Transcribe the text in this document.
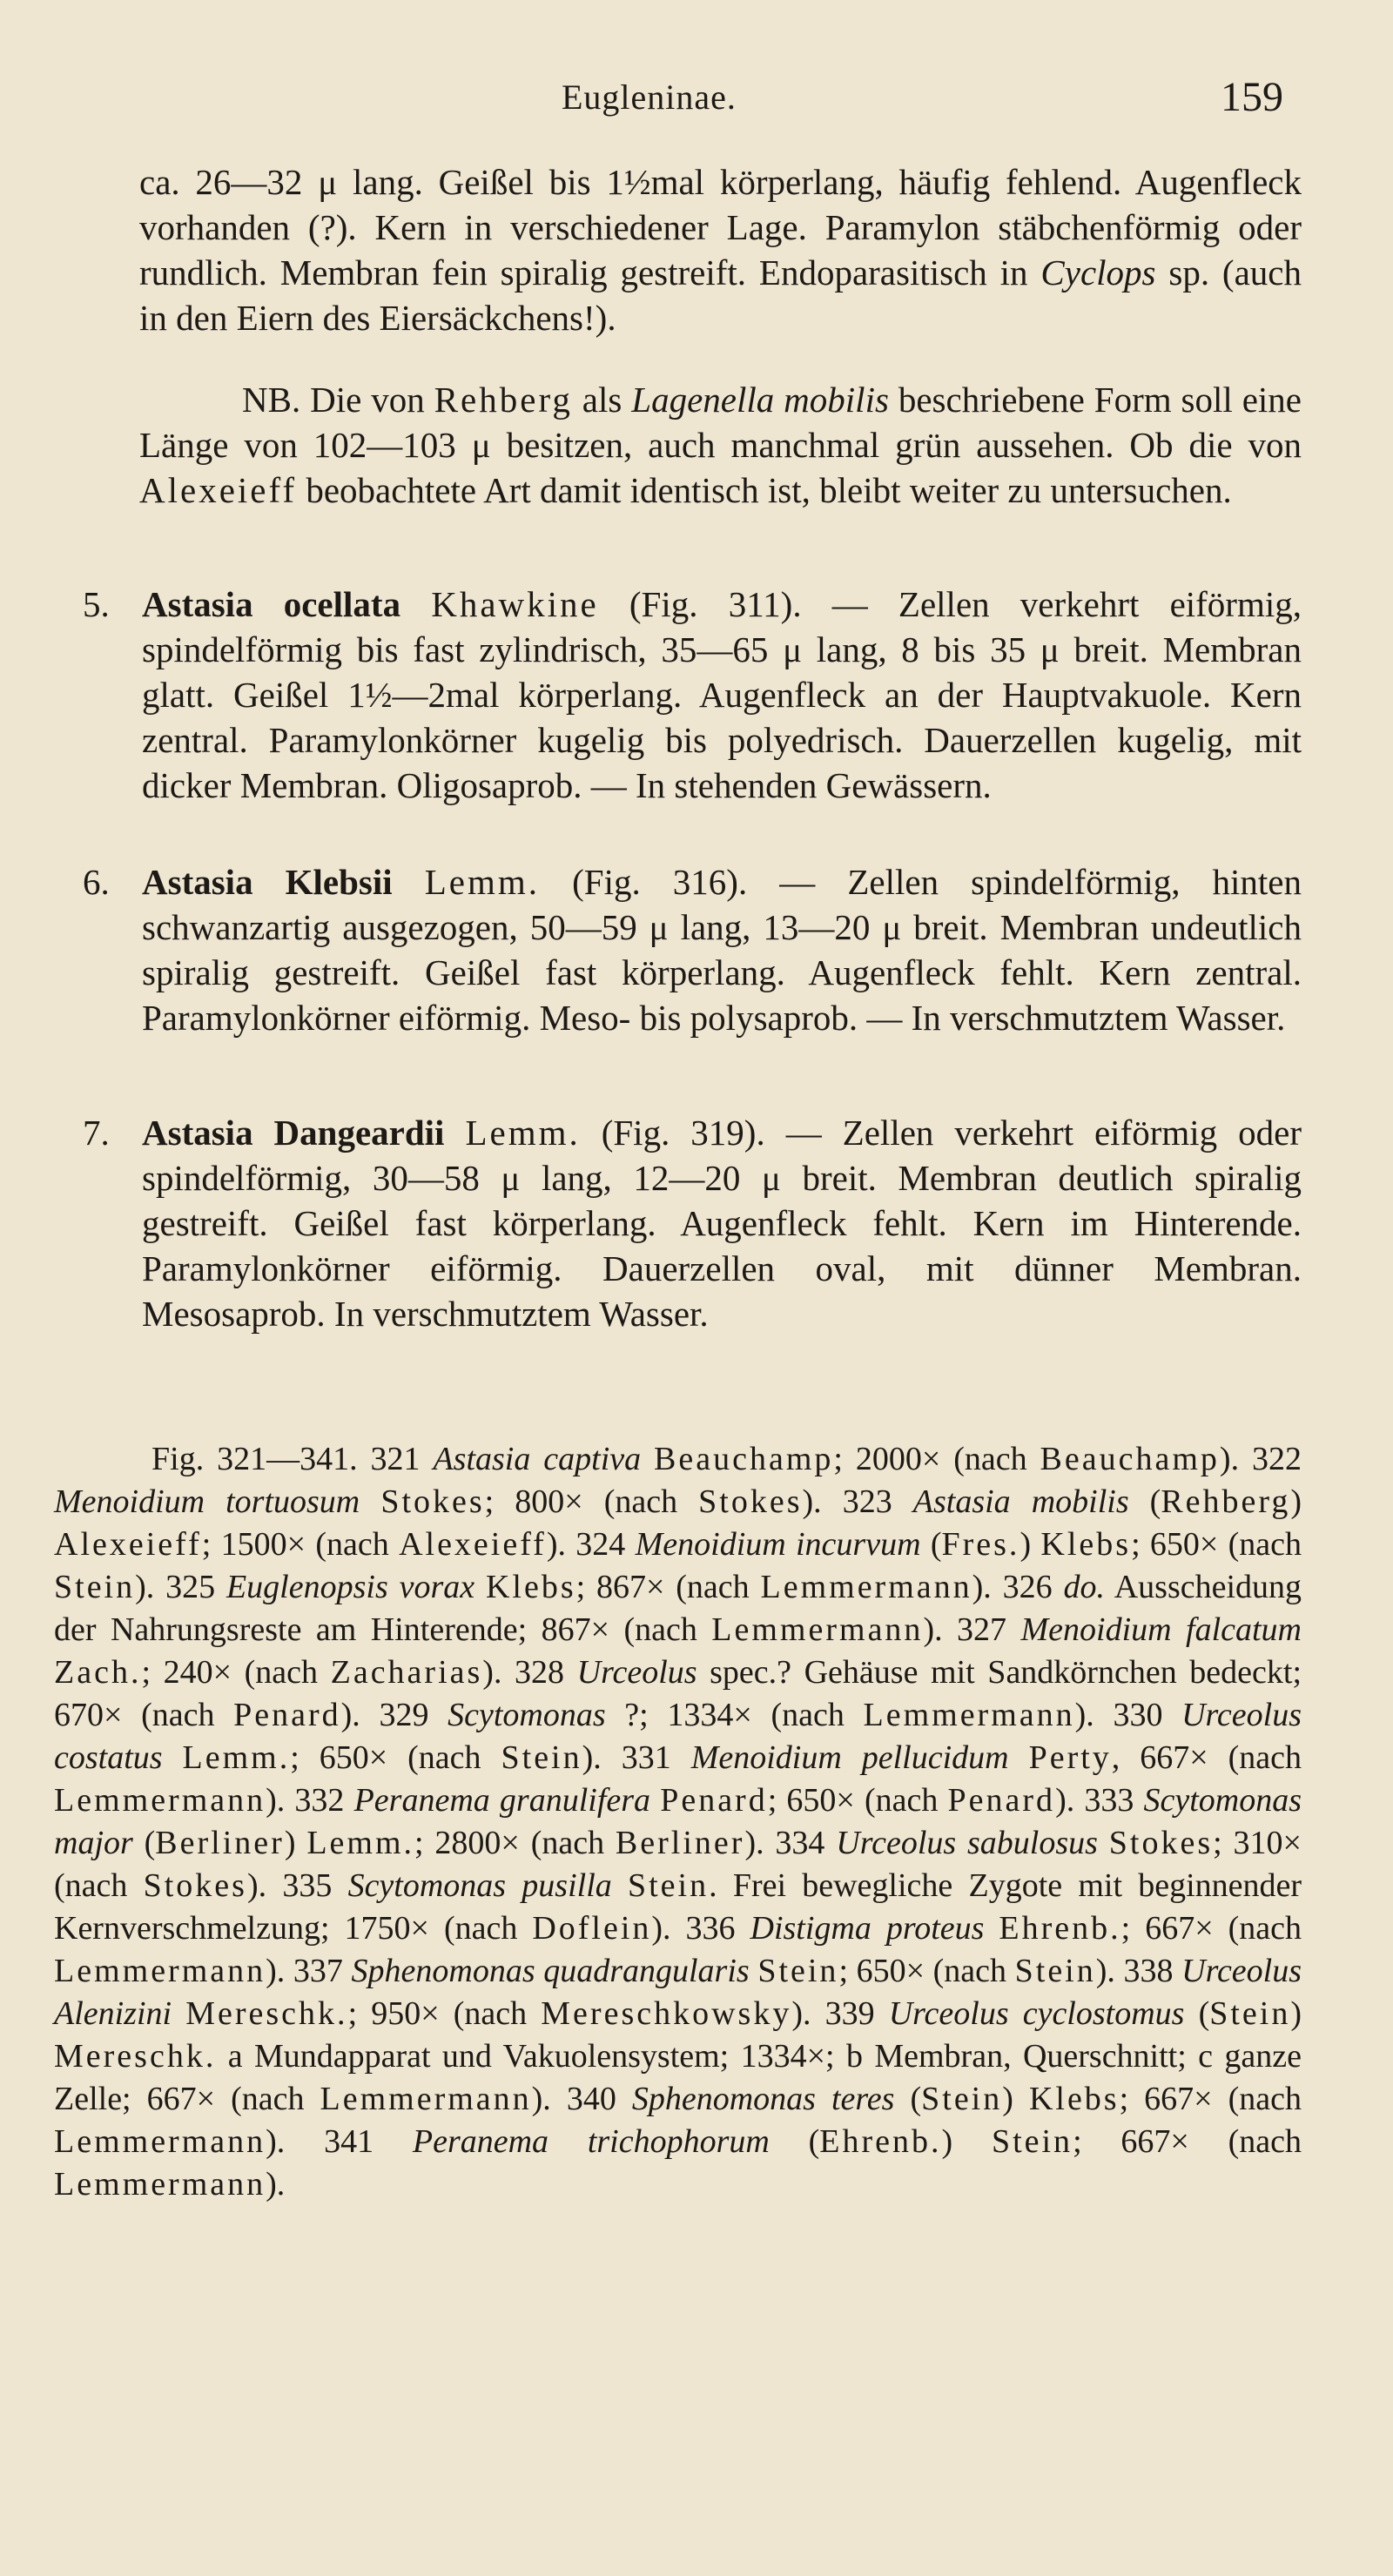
Eugleninae.	159

ca. 26—32 μ lang. Geißel bis 1½mal körperlang, häufig fehlend. Augenfleck vorhanden (?). Kern in verschiedener Lage. Paramylon stäbchenförmig oder rundlich. Membran fein spiralig gestreift. Endoparasitisch in Cyclops sp. (auch in den Eiern des Eiersäckchens!).

NB. Die von Rehberg als Lagenella mobilis beschriebene Form soll eine Länge von 102—103 μ besitzen, auch manchmal grün aussehen. Ob die von Alexeieff beobachtete Art damit identisch ist, bleibt weiter zu untersuchen.

5. Astasia ocellata Khawkine (Fig. 311). — Zellen verkehrt eiförmig, spindelförmig bis fast zylindrisch, 35—65 μ lang, 8 bis 35 μ breit. Membran glatt. Geißel 1½—2mal körperlang. Augenfleck an der Hauptvakuole. Kern zentral. Paramylonkörner kugelig bis polyedrisch. Dauerzellen kugelig, mit dicker Membran. Oligosaprob. — In stehenden Gewässern.
6. Astasia Klebsii Lemm. (Fig. 316). — Zellen spindelförmig, hinten schwanzartig ausgezogen, 50—59 μ lang, 13—20 μ breit. Membran undeutlich spiralig gestreift. Geißel fast körperlang. Augenfleck fehlt. Kern zentral. Paramylonkörner eiförmig. Meso- bis polysaprob. — In verschmutztem Wasser.
7. Astasia Dangeardii Lemm. (Fig. 319). — Zellen verkehrt eiförmig oder spindelförmig, 30—58 μ lang, 12—20 μ breit. Membran deutlich spiralig gestreift. Geißel fast körperlang. Augenfleck fehlt. Kern im Hinterende. Paramylonkörner eiförmig. Dauerzellen oval, mit dünner Membran. Mesosaprob. In verschmutztem Wasser.

Fig. 321—341. 321 Astasia captiva Beauchamp; 2000× (nach Beauchamp). 322 Menoidium tortuosum Stokes; 800× (nach Stokes). 323 Astasia mobilis (Rehberg) Alexeieff; 1500× (nach Alexeieff). 324 Menoidium incurvum (Fres.) Klebs; 650× (nach Stein). 325 Euglenopsis vorax Klebs; 867× (nach Lemmermann). 326 do. Ausscheidung der Nahrungsreste am Hinterende; 867× (nach Lemmermann). 327 Menoidium falcatum Zach.; 240× (nach Zacharias). 328 Urceolus spec.? Gehäuse mit Sandkörnchen bedeckt; 670× (nach Penard). 329 Scytomonas ?; 1334× (nach Lemmermann). 330 Urceolus costatus Lemm.; 650× (nach Stein). 331 Menoidium pellucidum Perty, 667× (nach Lemmermann). 332 Peranema granulifera Penard; 650× (nach Penard). 333 Scytomonas major (Berliner) Lemm.; 2800× (nach Berliner). 334 Urceolus sabulosus Stokes; 310× (nach Stokes). 335 Scytomonas pusilla Stein. Frei bewegliche Zygote mit beginnender Kernverschmelzung; 1750× (nach Doflein). 336 Distigma proteus Ehrenb.; 667× (nach Lemmermann). 337 Sphenomonas quadrangularis Stein; 650× (nach Stein). 338 Urceolus Alenizini Mereschk.; 950× (nach Mereschkowsky). 339 Urceolus cyclostomus (Stein) Mereschk. a Mundapparat und Vakuolensystem; 1334×; b Membran, Querschnitt; c ganze Zelle; 667× (nach Lemmermann). 340 Sphenomonas teres (Stein) Klebs; 667× (nach Lemmermann). 341 Peranema trichophorum (Ehrenb.) Stein; 667× (nach Lemmermann).
